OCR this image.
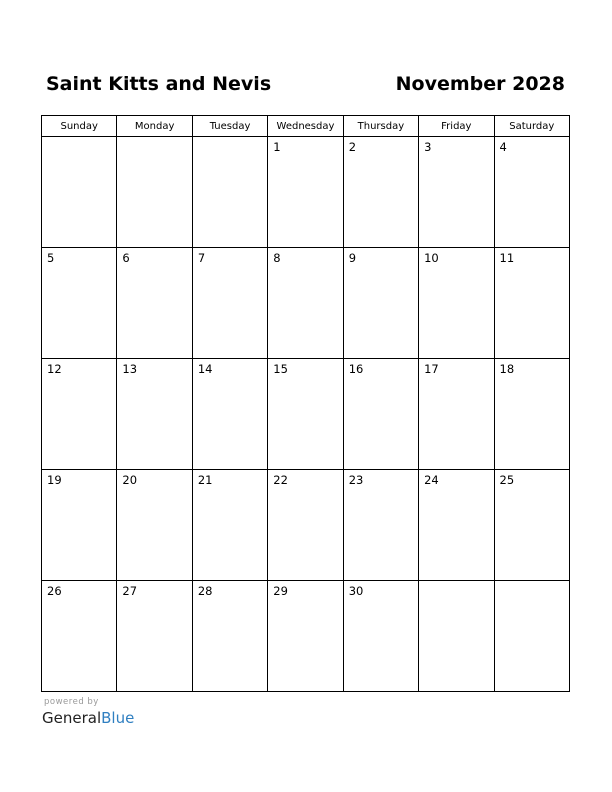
Saint Kitts and Nevis	November 2028
Sunday	Monday	Tuesday	Wednesday	Thursday	Friday	Saturday

			1	2	3	4

5	6	7	8	9	10	11

12	13	14	15	16	17	18

19	20	21	22	23	24	25

26	27	28	29	30		

powered by
GeneralBlue
